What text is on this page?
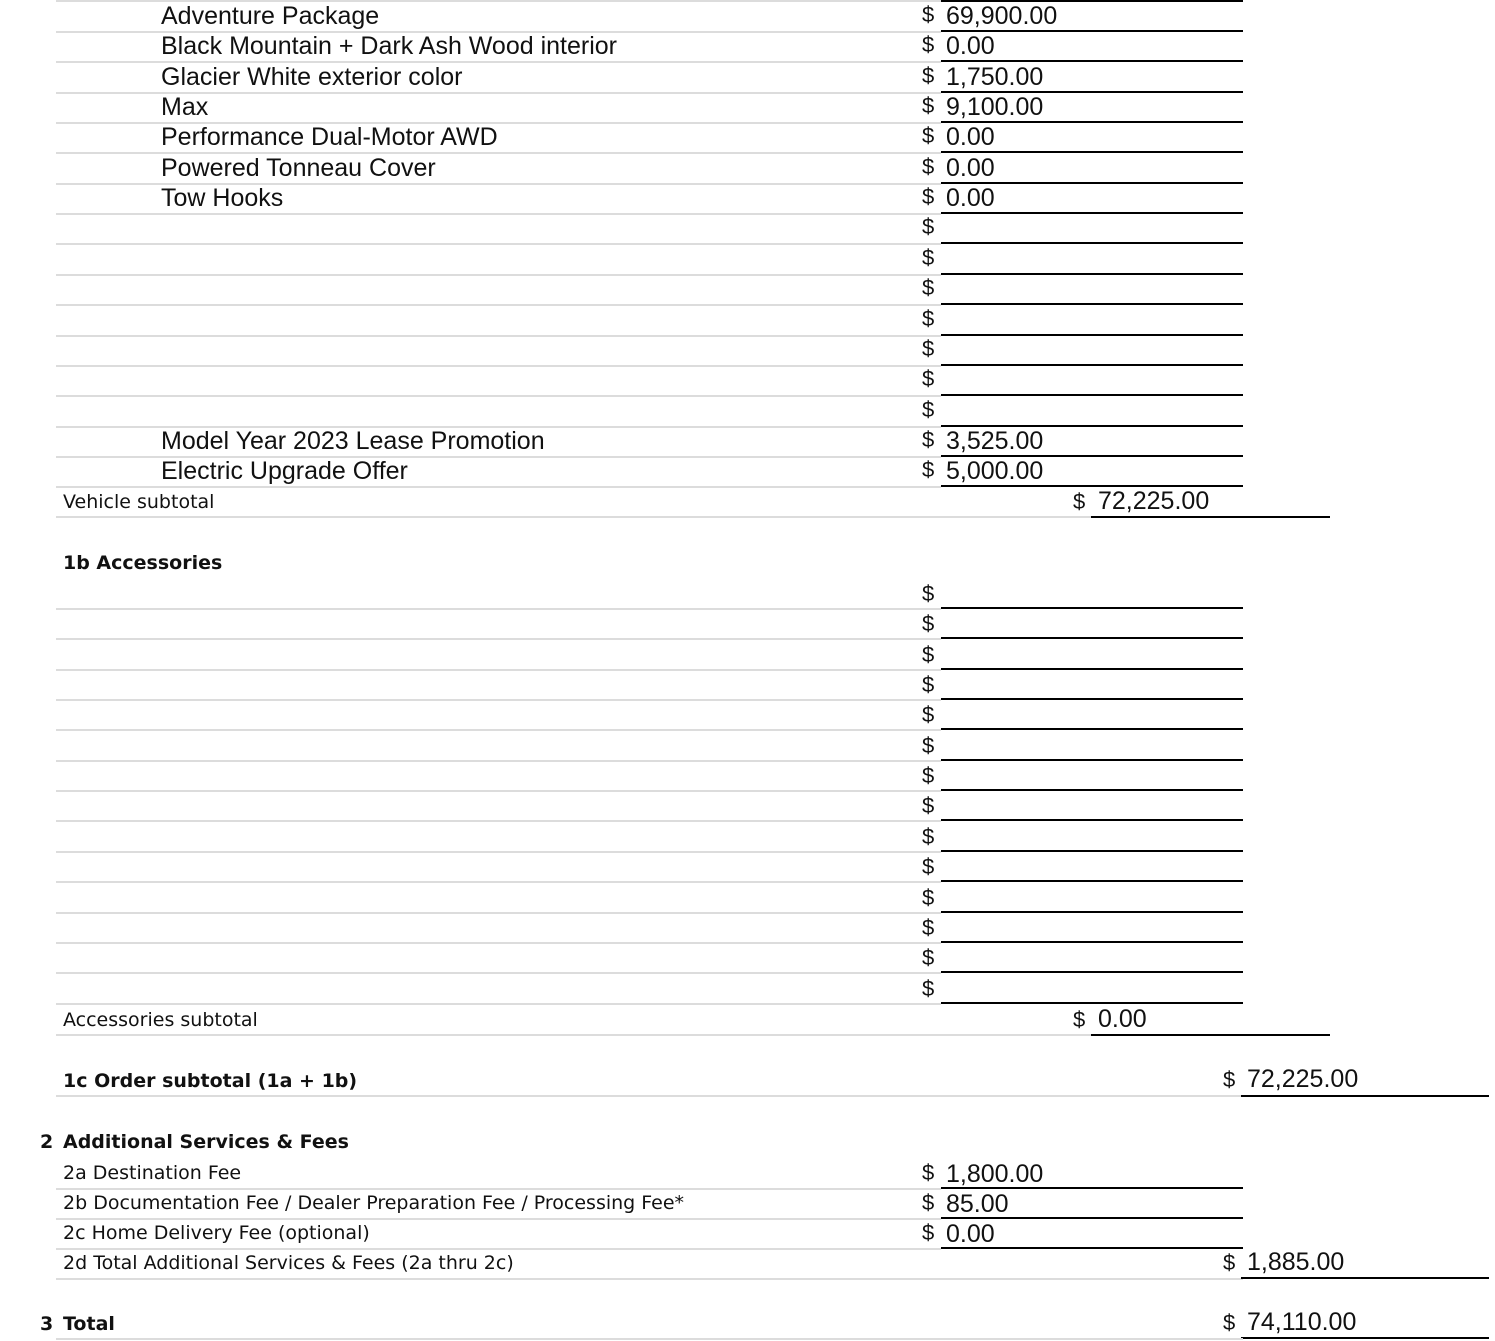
Adventure Package	$ 69,900.00
Black Mountain + Dark Ash Wood interior	$ 0.00
Glacier White exterior color	$ 1,750.00
Max	$ 9,100.00
Performance Dual-Motor AWD	$ 0.00
Powered Tonneau Cover	$ 0.00
Tow Hooks	$ 0.00
$
$
$
$
$
$
$
Model Year 2023 Lease Promotion	$ 3,525.00
Electric Upgrade Offer	$ 5,000.00
Vehicle subtotal	$ 72,225.00
1b Accessories
$
$
$
$
$
$
$
$
$
$
$
$
$
$
Accessories subtotal	$ 0.00
1c Order subtotal (1a + 1b)	$ 72,225.00
2 Additional Services & Fees
2a Destination Fee	$ 1,800.00
2b Documentation Fee / Dealer Preparation Fee / Processing Fee*	$ 85.00
2c Home Delivery Fee (optional)	$ 0.00
2d Total Additional Services & Fees (2a thru 2c)	$ 1,885.00
3 Total	$ 74,110.00
